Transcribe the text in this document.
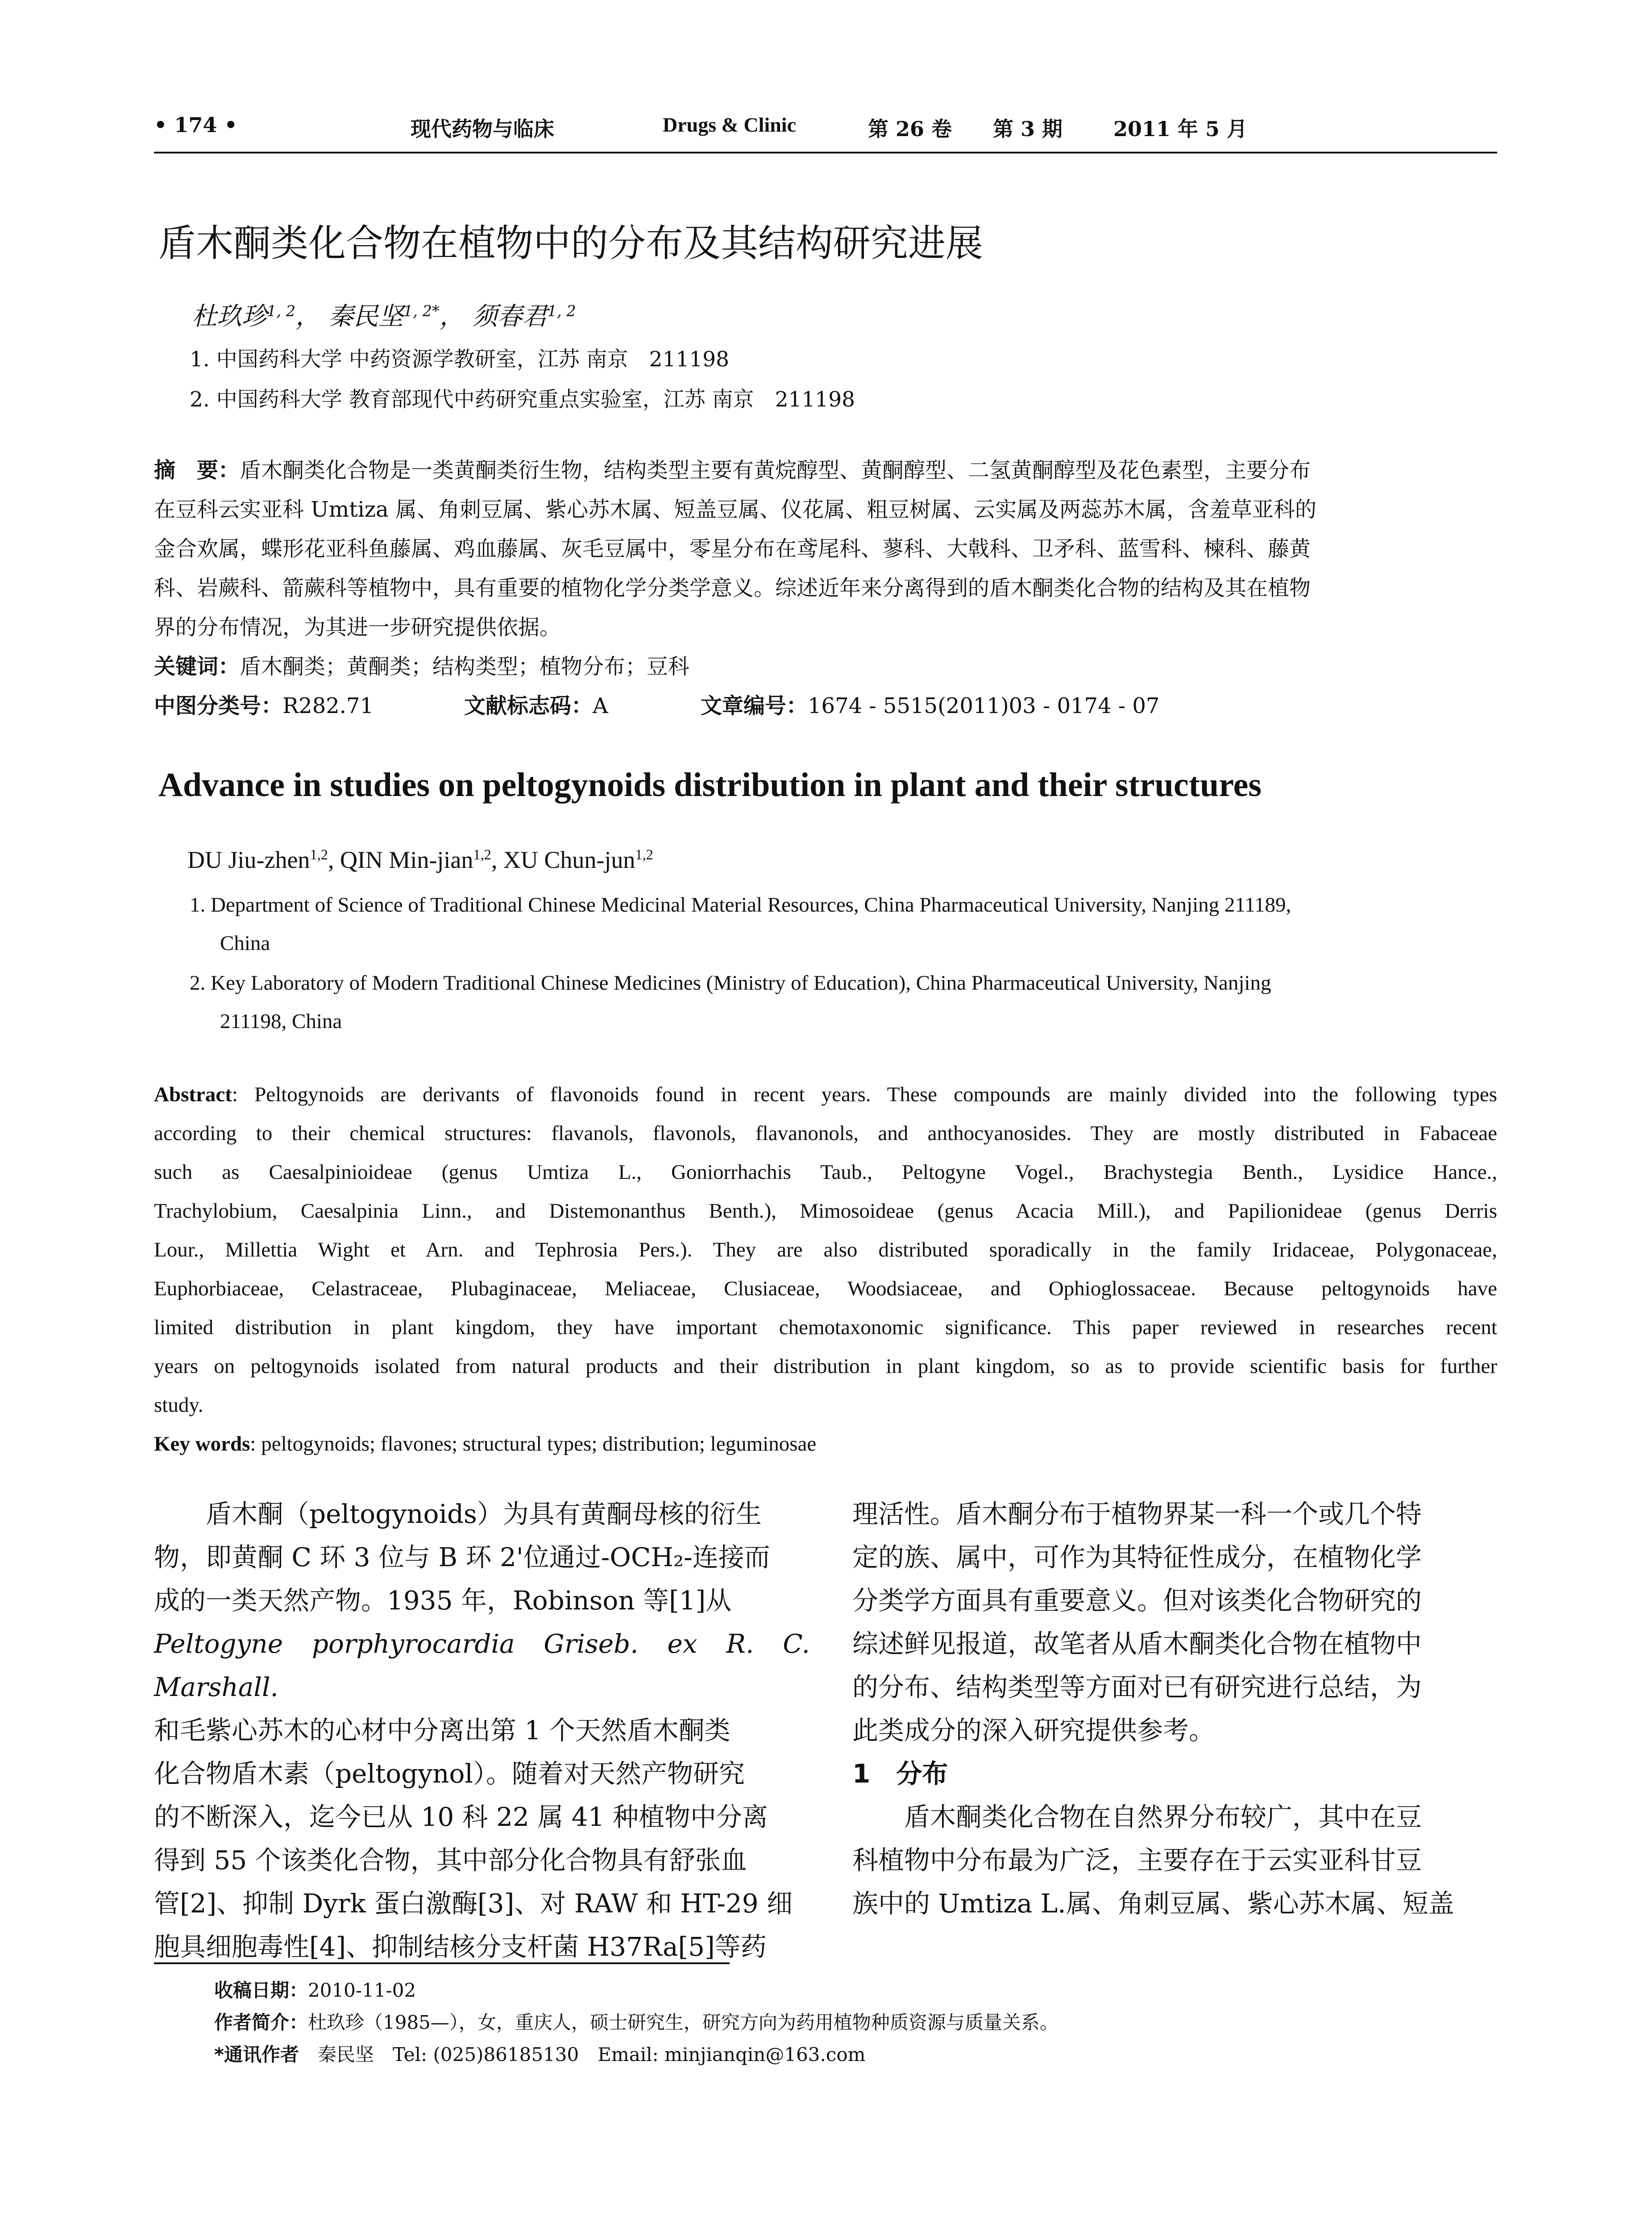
• 174 •	现代药物与临床	Drugs & Clinic	第 26 卷 第 3 期 2011 年 5 月
盾木酮类化合物在植物中的分布及其结构研究进展
杜玖珍$^{1, 2}$， 秦民坚$^{1, 2*}$， 须春君$^{1, 2}$
1. 中国药科大学 中药资源学教研室，江苏 南京　211198
2. 中国药科大学 教育部现代中药研究重点实验室，江苏 南京　211198
摘　要：盾木酮类化合物是一类黄酮类衍生物，结构类型主要有黄烷醇型、黄酮醇型、二氢黄酮醇型及花色素型，主要分布
在豆科云实亚科 Umtiza 属、角刺豆属、紫心苏木属、短盖豆属、仪花属、粗豆树属、云实属及两蕊苏木属，含羞草亚科的
金合欢属，蝶形花亚科鱼藤属、鸡血藤属、灰毛豆属中，零星分布在鸢尾科、蓼科、大戟科、卫矛科、蓝雪科、楝科、藤黄
科、岩蕨科、箭蕨科等植物中，具有重要的植物化学分类学意义。综述近年来分离得到的盾木酮类化合物的结构及其在植物
界的分布情况，为其进一步研究提供依据。
关键词：盾木酮类；黄酮类；结构类型；植物分布；豆科
中图分类号：R282.71	文献标志码：A	文章编号：1674 - 5515(2011)03 - 0174 - 07
Advance in studies on peltogynoids distribution in plant and their structures
DU Jiu-zhen$^{1,2}$, QIN Min-jian$^{1,2}$, XU Chun-jun$^{1,2}$
1. Department of Science of Traditional Chinese Medicinal Material Resources, China Pharmaceutical University, Nanjing 211189,
China
2. Key Laboratory of Modern Traditional Chinese Medicines (Ministry of Education), China Pharmaceutical University, Nanjing
211198, China
Abstract: Peltogynoids are derivants of flavonoids found in recent years. These compounds are mainly divided into the following types
according to their chemical structures: flavanols, flavonols, flavanonols, and anthocyanosides. They are mostly distributed in Fabaceae
such as Caesalpinioideae (genus Umtiza L., Goniorrhachis Taub., Peltogyne Vogel., Brachystegia Benth., Lysidice Hance.,
Trachylobium, Caesalpinia Linn., and Distemonanthus Benth.), Mimosoideae (genus Acacia Mill.), and Papilionideae (genus Derris
Lour., Millettia Wight et Arn. and Tephrosia Pers.). They are also distributed sporadically in the family Iridaceae, Polygonaceae,
Euphorbiaceae, Celastraceae, Plubaginaceae, Meliaceae, Clusiaceae, Woodsiaceae, and Ophioglossaceae. Because peltogynoids have
limited distribution in plant kingdom, they have important chemotaxonomic significance. This paper reviewed in researches recent
years on peltogynoids isolated from natural products and their distribution in plant kingdom, so as to provide scientific basis for further
study.
Key words: peltogynoids; flavones; structural types; distribution; leguminosae
盾木酮（peltogynoids）为具有黄酮母核的衍生
物，即黄酮 C 环 3 位与 B 环 2'位通过-OCH₂-连接而
成的一类天然产物。1935 年，Robinson 等[1]从
Peltogyne porphyrocardia Griseb. ex R. C. Marshall.
和毛紫心苏木的心材中分离出第 1 个天然盾木酮类
化合物盾木素（peltogynol）。随着对天然产物研究
的不断深入，迄今已从 10 科 22 属 41 种植物中分离
得到 55 个该类化合物，其中部分化合物具有舒张血
管[2]、抑制 Dyrk 蛋白激酶[3]、对 RAW 和 HT-29 细
胞具细胞毒性[4]、抑制结核分支杆菌 H37Ra[5]等药
理活性。盾木酮分布于植物界某一科一个或几个特
定的族、属中，可作为其特征性成分，在植物化学
分类学方面具有重要意义。但对该类化合物研究的
综述鲜见报道，故笔者从盾木酮类化合物在植物中
的分布、结构类型等方面对已有研究进行总结，为
此类成分的深入研究提供参考。
1　分布
盾木酮类化合物在自然界分布较广，其中在豆
科植物中分布最为广泛，主要存在于云实亚科甘豆
族中的 Umtiza L.属、角刺豆属、紫心苏木属、短盖
收稿日期：2010-11-02
作者简介：杜玖珍（1985—），女，重庆人，硕士研究生，研究方向为药用植物种质资源与质量关系。
*通讯作者　秦民坚　Tel: (025)86185130　Email: minjianqin@163.com
